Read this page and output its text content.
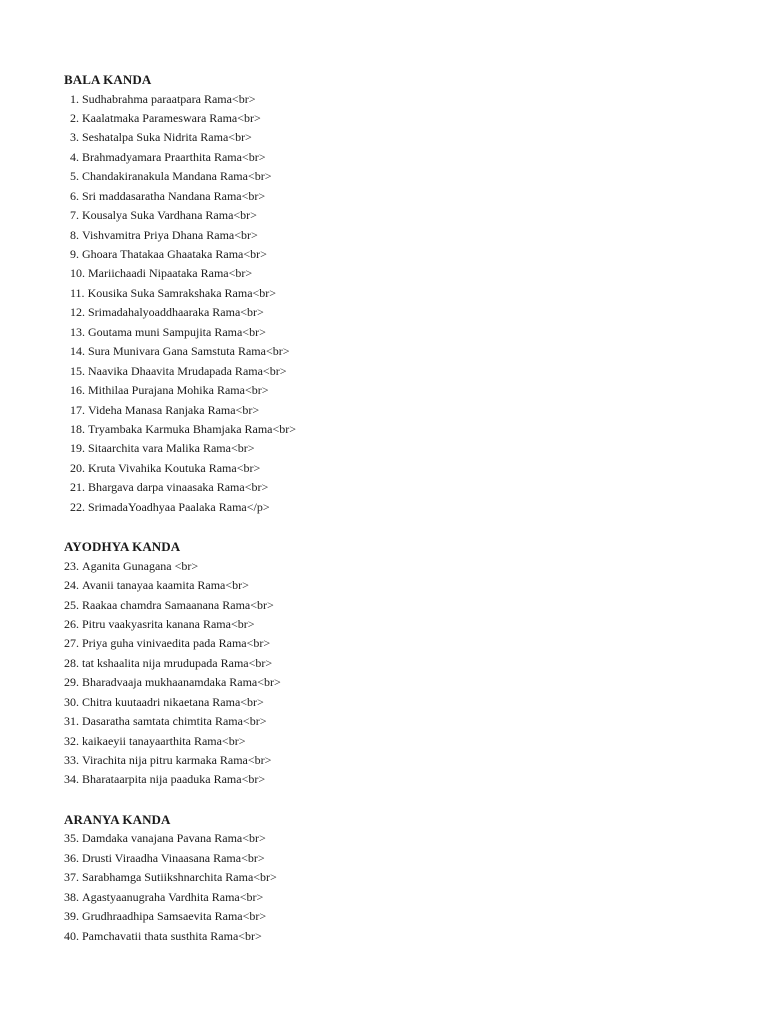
BALA KANDA
1. Sudhabrahma paraatpara Rama<br>
2. Kaalatmaka Parameswara Rama<br>
3. Seshatalpa Suka Nidrita Rama<br>
4. Brahmadyamara Praarthita Rama<br>
5. Chandakiranakula Mandana Rama<br>
6. Sri maddasaratha Nandana Rama<br>
7. Kousalya Suka Vardhana Rama<br>
8. Vishvamitra Priya Dhana Rama<br>
9. Ghoara Thatakaa Ghaataka Rama<br>
10. Mariichaadi Nipaataka Rama<br>
11. Kousika Suka Samrakshaka Rama<br>
12. Srimadahalyoaddhaaraka Rama<br>
13. Goutama muni Sampujita Rama<br>
14. Sura Munivara Gana Samstuta Rama<br>
15. Naavika Dhaavita Mrudapada Rama<br>
16. Mithilaa Purajana Mohika Rama<br>
17. Videha Manasa Ranjaka Rama<br>
18. Tryambaka Karmuka Bhamjaka Rama<br>
19. Sitaarchita vara Malika Rama<br>
20. Kruta Vivahika Koutuka Rama<br>
21. Bhargava darpa vinaasaka Rama<br>
22. SrimadaYoadhyaa Paalaka Rama</p>
AYODHYA KANDA
23. Aganita Gunagana <br>
24. Avanii tanayaa kaamita Rama<br>
25. Raakaa chamdra Samaanana Rama<br>
26. Pitru vaakyasrita kanana Rama<br>
27. Priya guha vinivaedita pada Rama<br>
28. tat kshaalita nija mrudupada Rama<br>
29. Bharadvaaja mukhaanamdaka Rama<br>
30. Chitra kuutaadri nikaetana Rama<br>
31. Dasaratha samtata chimtita Rama<br>
32. kaikaeyii tanayaarthita Rama<br>
33. Virachita nija pitru karmaka Rama<br>
34. Bharataarpita nija paaduka Rama<br>
ARANYA KANDA
35. Damdaka vanajana Pavana Rama<br>
36. Drusti Viraadha Vinaasana Rama<br>
37. Sarabhamga Sutiikshnarchita Rama<br>
38. Agastyaanugraha Vardhita Rama<br>
39. Grudhraadhipa Samsaevita Rama<br>
40. Pamchavatii thata susthita Rama<br>
